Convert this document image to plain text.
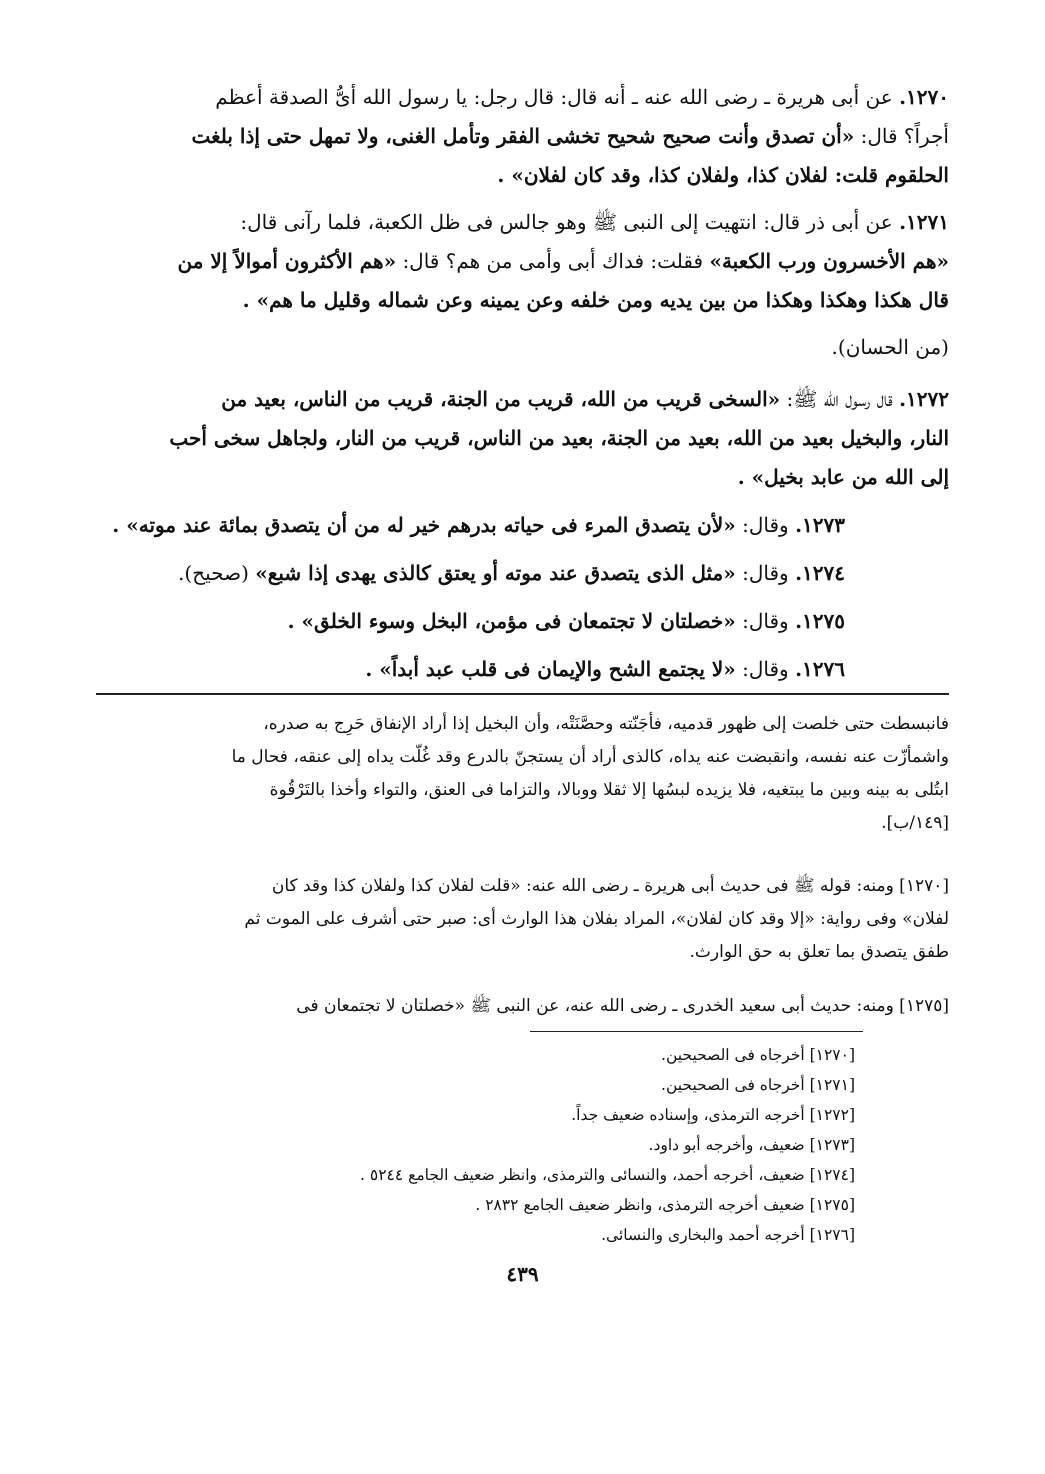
١٢٧٠. عن أبى هريرة ـ رضى الله عنه ـ أنه قال: قال رجل: يا رسول الله أىُّ الصدقة أعظم
أجراً؟ قال: «أن تصدق وأنت صحيح شحيح تخشى الفقر وتأمل الغنى، ولا تمهل حتى إذا بلغت
الحلقوم قلت: لفلان كذا، ولفلان كذا، وقد كان لفلان» .
١٢٧١. عن أبى ذر قال: انتهيت إلى النبى ﷺ وهو جالس فى ظل الكعبة، فلما رآنى قال:
«هم الأخسرون ورب الكعبة» فقلت: فداك أبى وأمى من هم؟ قال: «هم الأكثرون أموالاً إلا من
قال هكذا وهكذا وهكذا من بين يديه ومن خلفه وعن يمينه وعن شماله وقليل ما هم» .
(من الحسان).
١٢٧٢. قال رسول الله ﷺ: «السخى قريب من الله، قريب من الجنة، قريب من الناس، بعيد من
النار، والبخيل بعيد من الله، بعيد من الجنة، بعيد من الناس، قريب من النار، ولجاهل سخى أحب
إلى الله من عابد بخيل» .
١٢٧٣. وقال: «لأن يتصدق المرء فى حياته بدرهم خير له من أن يتصدق بمائة عند موته» .
١٢٧٤. وقال: «مثل الذى يتصدق عند موته أو يعتق كالذى يهدى إذا شبع» (صحيح).
١٢٧٥. وقال: «خصلتان لا تجتمعان فى مؤمن، البخل وسوء الخلق» .
١٢٧٦. وقال: «لا يجتمع الشح والإيمان فى قلب عبد أبداً» .
فانبسطت حتى خلصت إلى ظهور قدميه، فأجَنّته وحصَّنَتْه، وأن البخيل إذا أراد الإنفاق حَرِج به صدره،
واشمأزّت عنه نفسه، وانقبضت عنه يداه، كالذى أراد أن يستجنّ بالدرع وقد غُلّت يداه إلى عنقه، فحال ما
ابتُلى به بينه وبين ما يبتغيه، فلا يزيده لبسُها إلا ثقلا ووبالا، والتزاما فى العنق، والتواء وأخذا بالتَرْقُوة
[١٤٩/ب].
[١٢٧٠] ومنه: قوله ﷺ فى حديث أبى هريرة ـ رضى الله عنه: «قلت لفلان كذا ولفلان كذا وقد كان
لفلان» وفى رواية: «إلا وقد كان لفلان»، المراد بفلان هذا الوارث أى: صبر حتى أشرف على الموت ثم
طفق يتصدق بما تعلق به حق الوارث.
[١٢٧٥] ومنه: حديث أبى سعيد الخدرى ـ رضى الله عنه، عن النبى ﷺ «خصلتان لا تجتمعان فى
[١٢٧٠] أخرجاه فى الصحيحين.
[١٢٧١] أخرجاه فى الصحيحين.
[١٢٧٢] أخرجه الترمذى، وإسناده ضعيف جداً.
[١٢٧٣] ضعيف، وأخرجه أبو داود.
[١٢٧٤] ضعيف، أخرجه أحمد، والنسائى والترمذى، وانظر ضعيف الجامع ٥٢٤٤ .
[١٢٧٥] ضعيف أخرجه الترمذى، وانظر ضعيف الجامع ٢٨٣٢ .
[١٢٧٦] أخرجه أحمد والبخارى والنسائى.
٤٣٩
